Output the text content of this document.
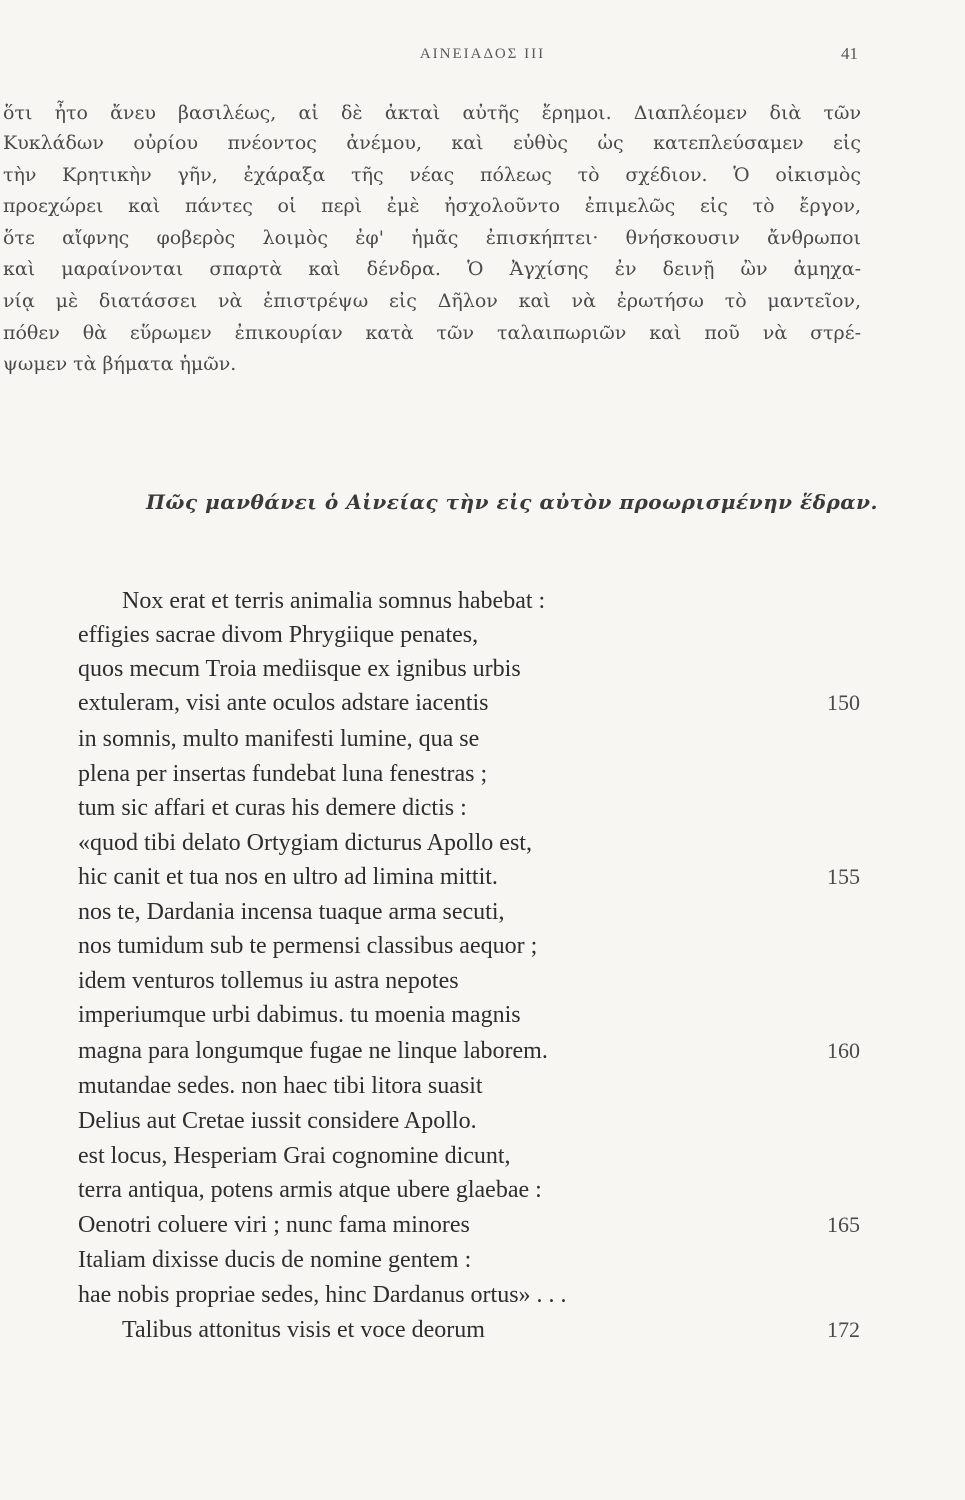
ΑΙΝΕΙΑΔΟΣ III	41
ὅτι ἦτο ἄνευ βασιλέως, αἱ δὲ ἀκταὶ αὐτῆς ἔρημοι. Διαπλέομεν διὰ τῶν
Κυκλάδων οὐρίου πνέοντος ἀνέμου, καὶ εὐθὺς ὡς κατεπλεύσαμεν εἰς
τὴν Κρητικὴν γῆν, ἐχάραξα τῆς νέας πόλεως τὸ σχέδιον. Ὁ οἰκισμὸς
προεχώρει καὶ πάντες οἱ περὶ ἐμὲ ἠσχολοῦντο ἐπιμελῶς εἰς τὸ ἔργον,
ὅτε αἴφνης φοβερὸς λοιμὸς ἐφ' ἡμᾶς ἐπισκήπτει· θνήσκουσιν ἄνθρωποι
καὶ μαραίνονται σπαρτὰ καὶ δένδρα. Ὁ Ἀγχίσης ἐν δεινῇ ὢν ἀμηχα-
νίᾳ μὲ διατάσσει νὰ ἐπιστρέψω εἰς Δῆλον καὶ νὰ ἐρωτήσω τὸ μαντεῖον,
πόθεν θὰ εὕρωμεν ἐπικουρίαν κατὰ τῶν ταλαιπωριῶν καὶ ποῦ νὰ στρέ-
ψωμεν τὰ βήματα ἡμῶν.
Πῶς μανθάνει ὁ Αἰνείας τὴν εἰς αὐτὸν προωρισμένην ἕδραν.
Nox erat et terris animalia somnus habebat :
effigies sacrae divom Phrygiique penates,
quos mecum Troia mediisque ex ignibus urbis
extuleram, visi ante oculos adstare iacentis	150
in somnis, multo manifesti lumine, qua se
plena per insertas fundebat luna fenestras ;
tum sic affari et curas his demere dictis :
«quod tibi delato Ortygiam dicturus Apollo est,
hic canit et tua nos en ultro ad limina mittit.	155
nos te, Dardania incensa tuaque arma secuti,
nos tumidum sub te permensi classibus aequor ;
idem venturos tollemus iu astra nepotes
imperiumque urbi dabimus. tu moenia magnis
magna para longumque fugae ne linque laborem.	160
mutandae sedes. non haec tibi litora suasit
Delius aut Cretae iussit considere Apollo.
est locus, Hesperiam Grai cognomine dicunt,
terra antiqua, potens armis atque ubere glaebae :
Oenotri coluere viri ; nunc fama minores	165
Italiam dixisse ducis de nomine gentem :
hae nobis propriae sedes, hinc Dardanus ortus» . . .
Talibus attonitus visis et voce deorum	172
